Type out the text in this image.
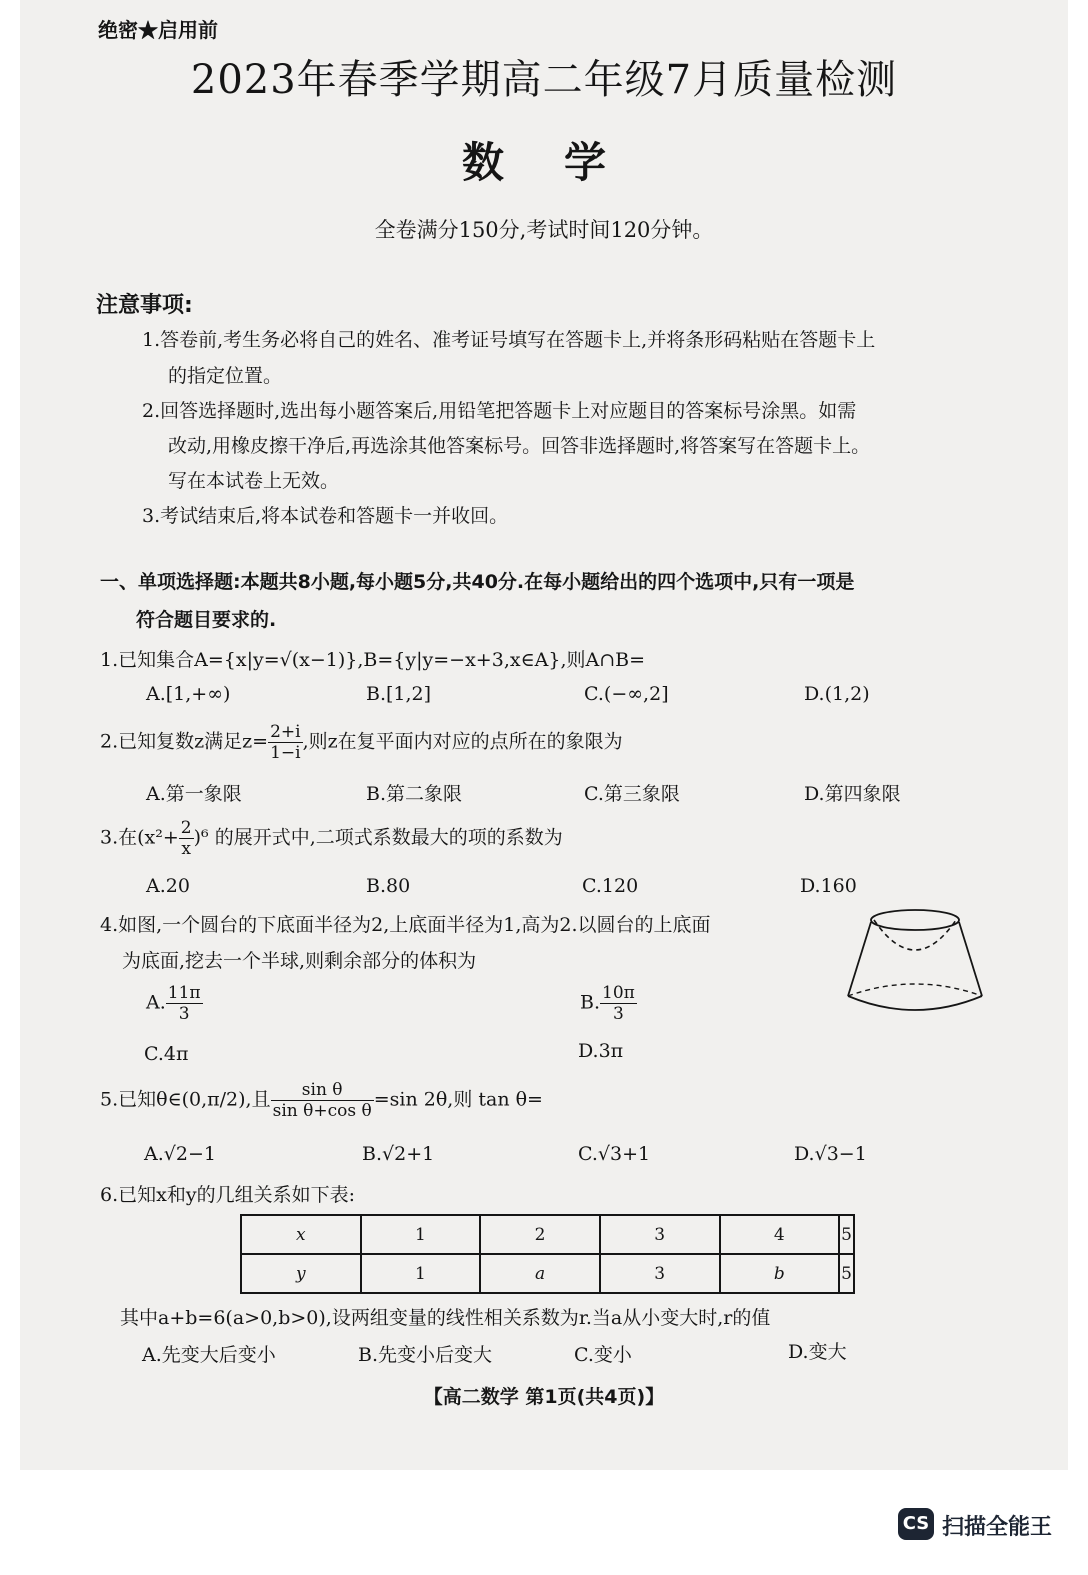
绝密★启用前
2023年春季学期高二年级7月质量检测
数学
全卷满分150分,考试时间120分钟。
注意事项:
1.答卷前,考生务必将自己的姓名、准考证号填写在答题卡上,并将条形码粘贴在答题卡上
的指定位置。
2.回答选择题时,选出每小题答案后,用铅笔把答题卡上对应题目的答案标号涂黑。如需
改动,用橡皮擦干净后,再选涂其他答案标号。回答非选择题时,将答案写在答题卡上。
写在本试卷上无效。
3.考试结束后,将本试卷和答题卡一并收回。
一、单项选择题:本题共8小题,每小题5分,共40分.在每小题给出的四个选项中,只有一项是
符合题目要求的.
1.已知集合A={x|y=√(x−1)},B={y|y=−x+3,x∈A},则A∩B=
A.[1,+∞)	B.[1,2]	C.(−∞,2]	D.(1,2)
2.已知复数z满足$z= \frac{2+i}{1-i}$ ,则z在复平面内对应的点所在的象限为
A.第一象限	B.第二象限	C.第三象限	D.第四象限
3.在$(x^2+ \frac{2}{x} )^6$ 的展开式中,二项式系数最大的项的系数为
A.20	B.80	C.120	D.160
4.如图,一个圆台的下底面半径为2,上底面半径为1,高为2.以圆台的上底面
为底面,挖去一个半球,则剩余部分的体积为
A. $\frac{11\pi}{3}$	B. $\frac{10\pi}{3}$
C.4π	D.3π
5.已知θ∈(0,π/2),且 $\frac{\text{sin θ}}{\text{sin θ+cos θ}} =\sin$ 2θ,则 tan θ=
A.√2−1	B.√2+1	C.√3+1	D.√3−1
6.已知x和y的几组关系如下表:
x	1	2	3	4	5
y	1	a	3	b	5
其中a+b=6(a>0,b>0),设两组变量的线性相关系数为r.当a从小变大时,r的值
A.先变大后变小	B.先变小后变大	C.变小	D.变大
【高二数学 第1页(共4页)】
CS 扫描全能王
